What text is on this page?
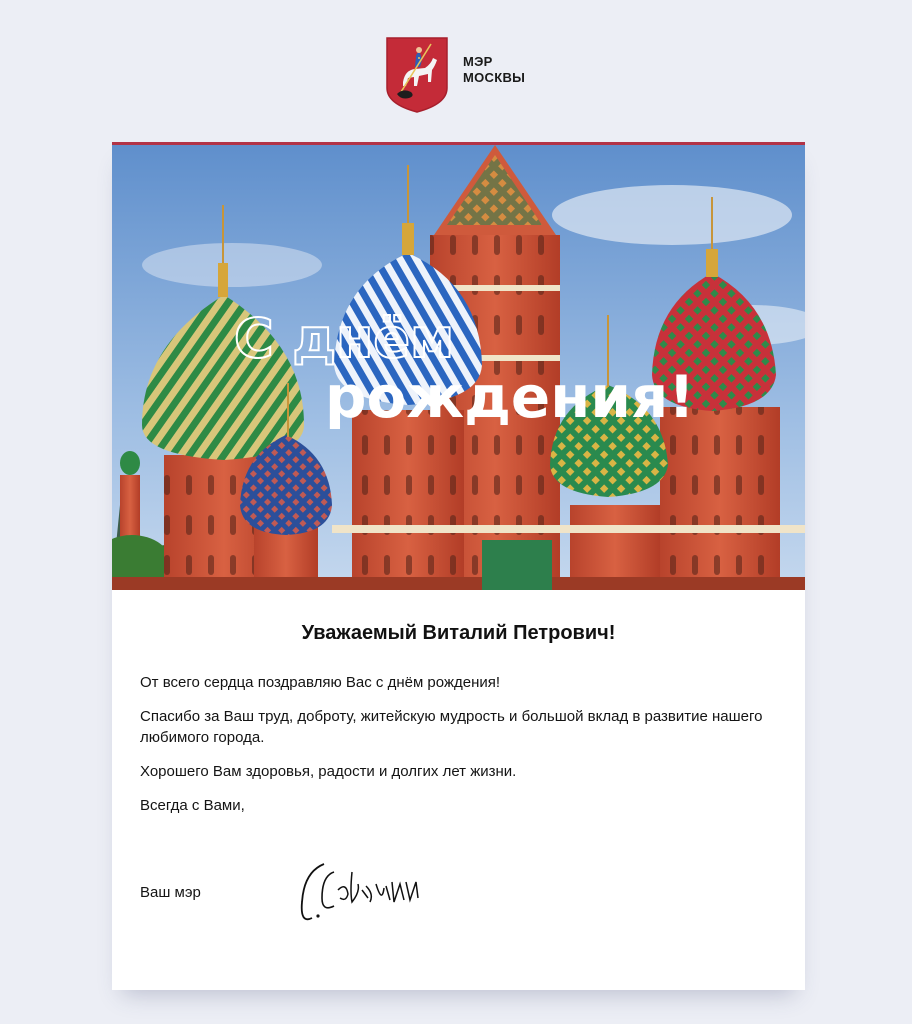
МЭР
МОСКВЫ
С днём
рождения!
Уважаемый Виталий Петрович!

От всего сердца поздравляю Вас с днём рождения!

Спасибо за Ваш труд, доброту, житейскую мудрость и большой вклад в развитие нашего любимого города.

Хорошего Вам здоровья, радости и долгих лет жизни.

Всегда с Вами,

Ваш мэр
